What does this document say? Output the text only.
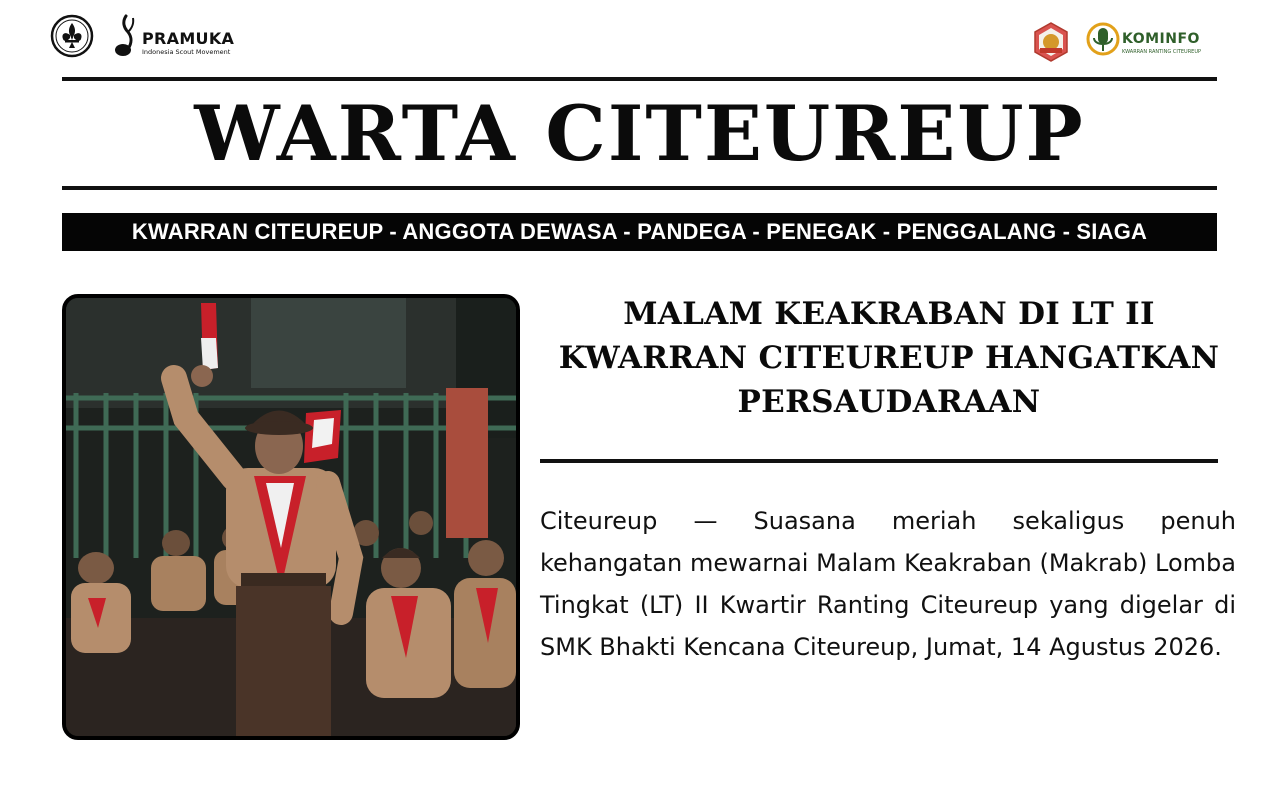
PRAMUKA
Indonesia Scout Movement
KOMINFO
KWARRAN RANTING CITEUREUP
WARTA CITEUREUP
KWARRAN CITEUREUP - ANGGOTA DEWASA - PANDEGA - PENEGAK - PENGGALANG - SIAGA
MALAM KEAKRABAN DI LT II KWARRAN CITEUREUP HANGATKAN PERSAUDARAAN

Citeureup — Suasana meriah sekaligus penuh kehangatan mewarnai Malam Keakraban (Makrab) Lomba Tingkat (LT) II Kwartir Ranting Citeureup yang digelar di SMK Bhakti Kencana Citeureup, Jumat, 14 Agustus 2026.
